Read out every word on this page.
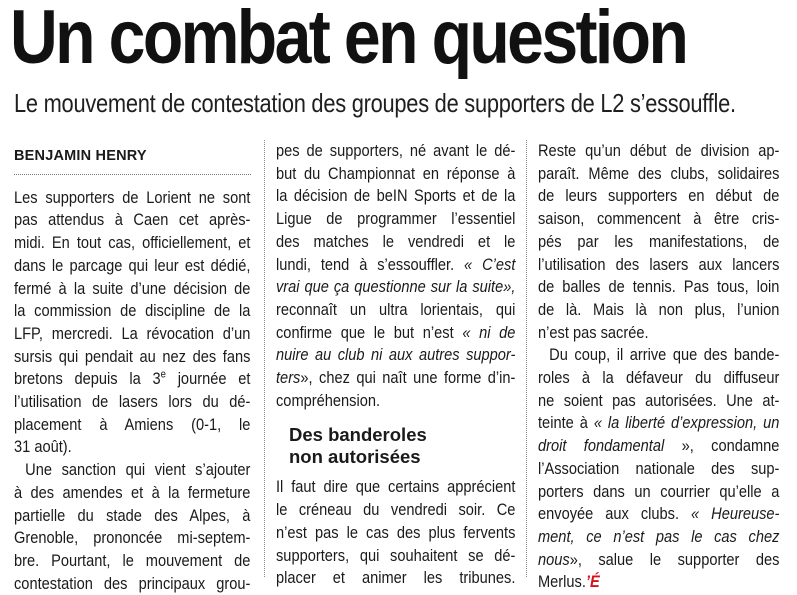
Un combat en question
Le mouvement de contestation des groupes de supporters de L2 s’essouffle.
BENJAMIN HENRY

Les supporters de Lorient ne sont
pas attendus à Caen cet après-
midi. En tout cas, officiellement, et
dans le parcage qui leur est dédié,
fermé à la suite d’une décision de
la commission de discipline de la
LFP, mercredi. La révocation d’un
sursis qui pendait au nez des fans
bretons depuis la 3e journée et
l’utilisation de lasers lors du dé-
placement à Amiens (0-1, le
31 août).

Une sanction qui vient s’ajouter
à des amendes et à la fermeture
partielle du stade des Alpes, à
Grenoble, prononcée mi-septem-
bre. Pourtant, le mouvement de
contestation des principaux grou-

pes de supporters, né avant le dé-
but du Championnat en réponse à
la décision de beIN Sports et de la
Ligue de programmer l’essentiel
des matches le vendredi et le
lundi, tend à s’essouffler. « C’est
vrai que ça questionne sur la suite»,
reconnaît un ultra lorientais, qui
confirme que le but n’est « ni de
nuire au club ni aux autres suppor-
ters», chez qui naît une forme d’in-
compréhension.

Des banderoles
non autorisées

Il faut dire que certains apprécient
le créneau du vendredi soir. Ce
n’est pas le cas des plus fervents
supporters, qui souhaitent se dé-
placer et animer les tribunes.

Reste qu’un début de division ap-
paraît. Même des clubs, solidaires
de leurs supporters en début de
saison, commencent à être cris-
pés par les manifestations, de
l’utilisation des lasers aux lancers
de balles de tennis. Pas tous, loin
de là. Mais là non plus, l’union
n’est pas sacrée.

Du coup, il arrive que des bande-
roles à la défaveur du diffuseur
ne soient pas autorisées. Une at-
teinte à « la liberté d’expression, un
droit fondamental », condamne
l’Association nationale des sup-
porters dans un courrier qu’elle a
envoyée aux clubs. « Heureuse-
ment, ce n’est pas le cas chez
nous», salue le supporter des
Merlus.’É
